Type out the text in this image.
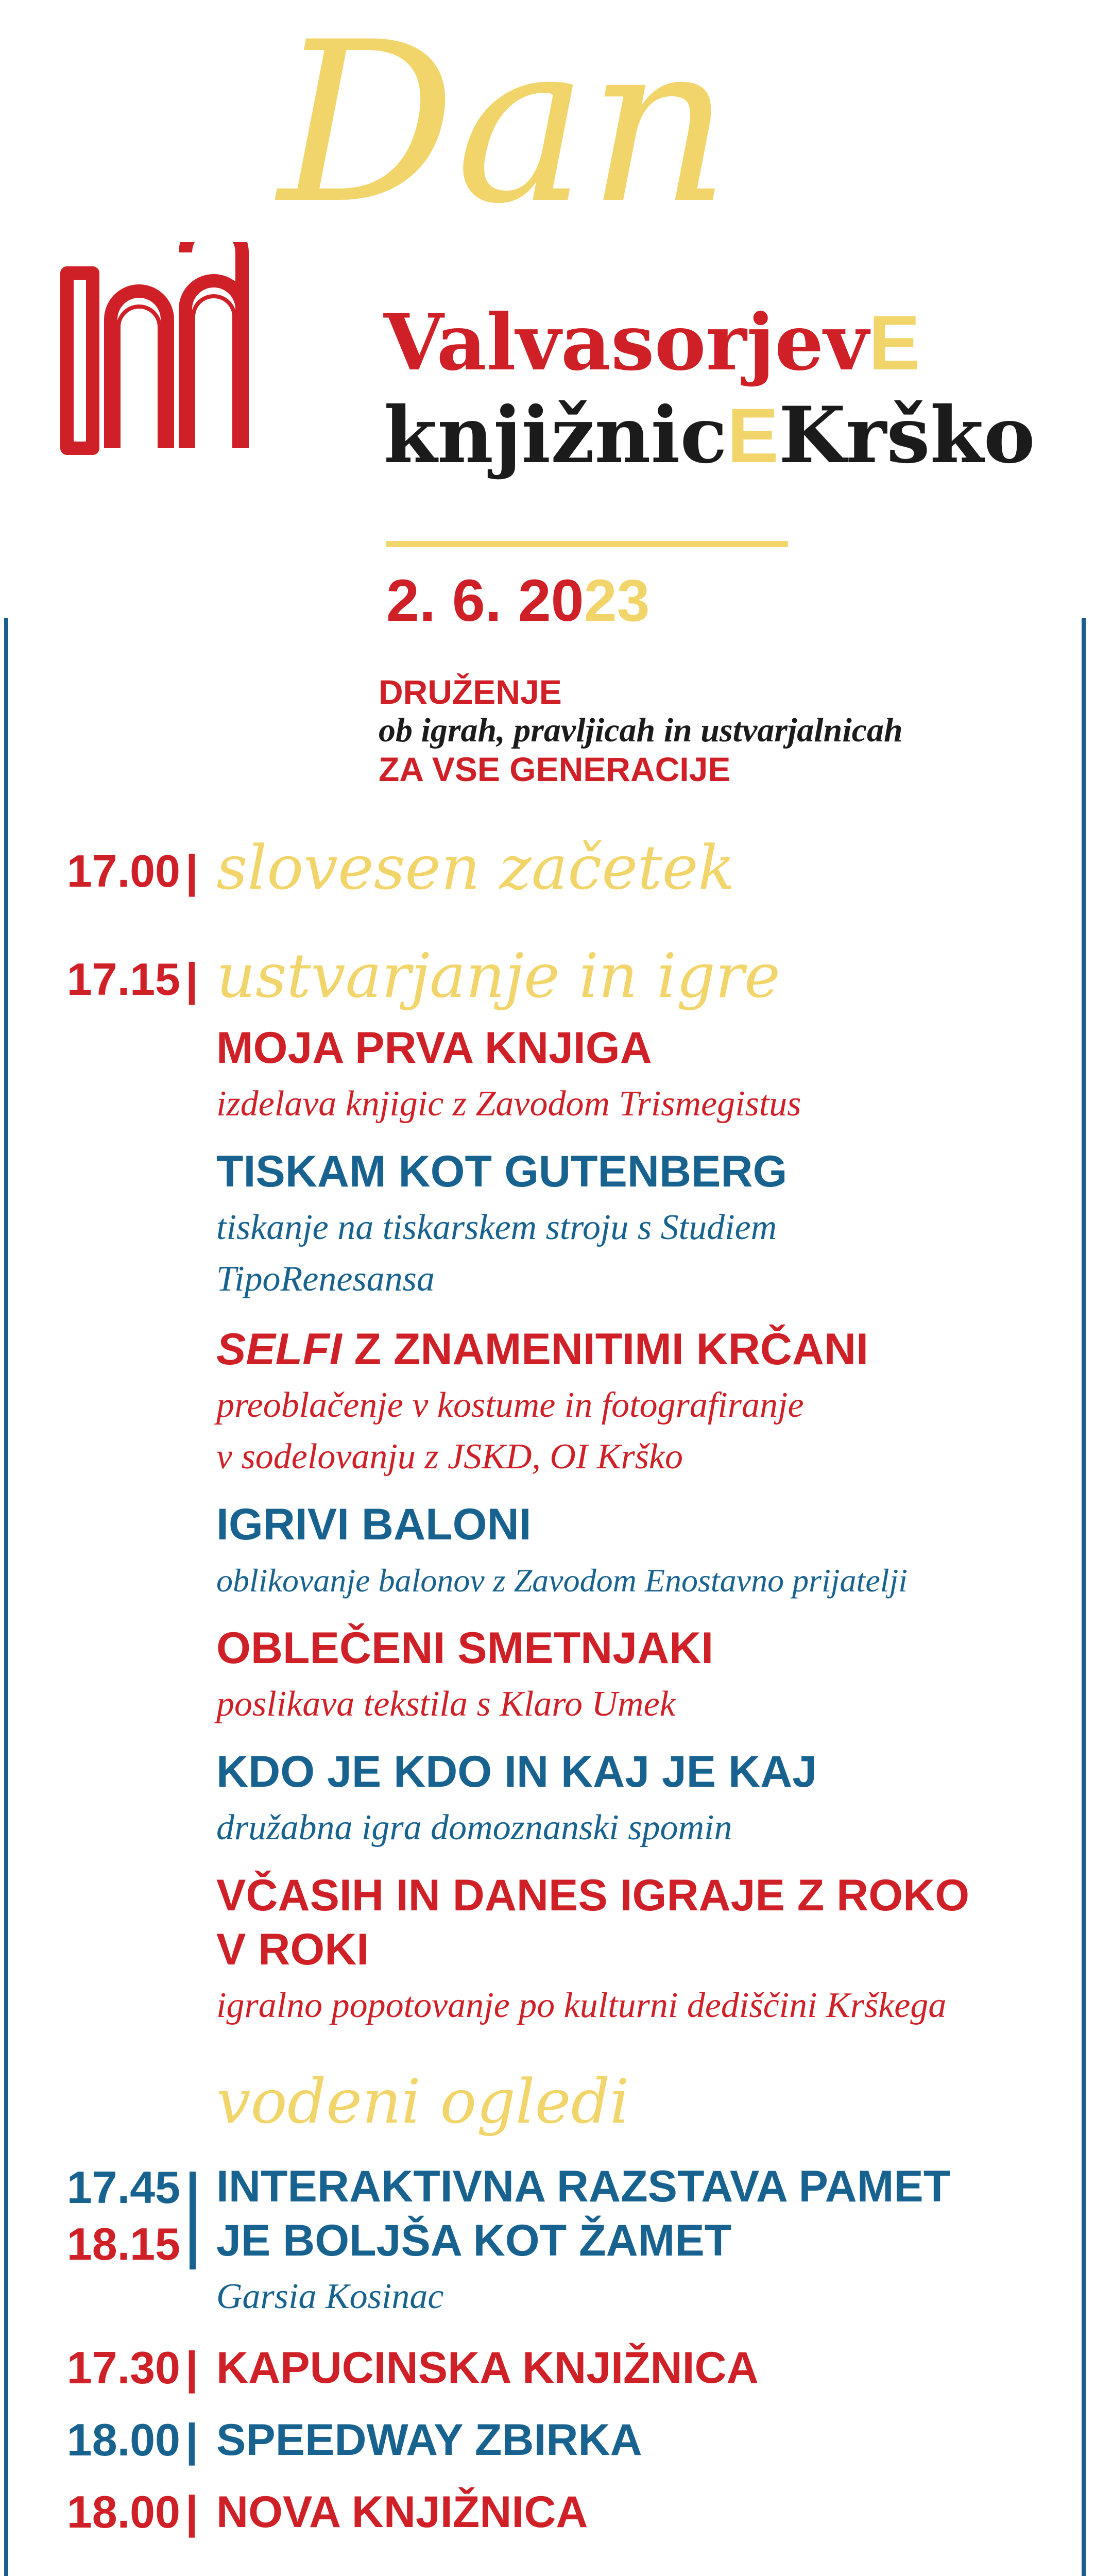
Dan
ValvasorjevE
knjižnicEKrško
2. 6. 2023
DRUŽENJE
ob igrah, pravljicah in ustvarjalnicah
ZA VSE GENERACIJE
17.00 | slovesen začetek
17.15 | ustvarjanje in igre
MOJA PRVA KNJIGA
izdelava knjigic z Zavodom Trismegistus
TISKAM KOT GUTENBERG
tiskanje na tiskarskem stroju s Studiem
TipoRenesansa
SELFI Z ZNAMENITIMI KRČANI
preoblačenje v kostume in fotografiranje
v sodelovanju z JSKD, OI Krško
IGRIVI BALONI
oblikovanje balonov z Zavodom Enostavno prijatelji
OBLEČENI SMETNJAKI
poslikava tekstila s Klaro Umek
KDO JE KDO IN KAJ JE KAJ
družabna igra domoznanski spomin
VČASIH IN DANES IGRAJE Z ROKO
V ROKI
igralno popotovanje po kulturni dediščini Krškega
vodeni ogledi
17.45
18.15
INTERAKTIVNA RAZSTAVA PAMET
JE BOLJŠA KOT ŽAMET
Garsia Kosinac
17.30 | KAPUCINSKA KNJIŽNICA
18.00 | SPEEDWAY ZBIRKA
18.00 | NOVA KNJIŽNICA
